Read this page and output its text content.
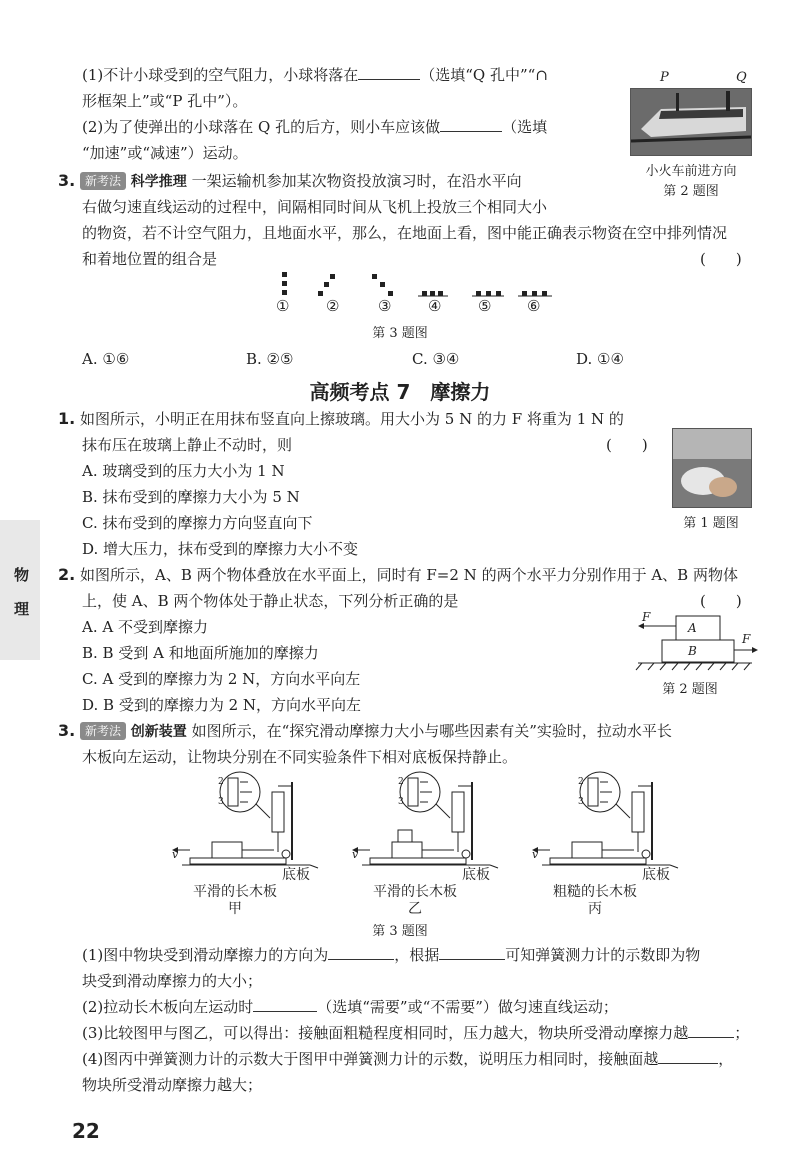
物
理
(1)不计小球受到的空气阻力，小球将落在	（选填“Q 孔中”“∩
形框架上”或“P 孔中”）。
(2)为了使弹出的小球落在 Q 孔的后方，则小车应该做	（选填
“加速”或“减速”）运动。
P	Q
小火车前进方向
第 2 题图
3. 新考法 科学推理 一架运输机参加某次物资投放演习时，在沿水平向
右做匀速直线运动的过程中，间隔相同时间从飞机上投放三个相同大小
的物资，若不计空气阻力，且地面水平，那么，在地面上看，图中能正确表示物资在空中排列情况
和着地位置的组合是	(　　)
① ②	③ ④ ⑤ ⑥
第 3 题图
A. ①⑥	B. ②⑤	C. ③④	D. ①④
高频考点 7　摩擦力
1. 如图所示，小明正在用抹布竖直向上擦玻璃。用大小为 5 N 的力 F 将重为 1 N 的
抹布压在玻璃上静止不动时，则	(　　)
A. 玻璃受到的压力大小为 1 N
B. 抹布受到的摩擦力大小为 5 N
C. 抹布受到的摩擦力方向竖直向下
D. 增大压力，抹布受到的摩擦力大小不变
第 1 题图
2. 如图所示，A、B 两个物体叠放在水平面上，同时有 F=2 N 的两个水平力分别作用于 A、B 两物体
上，使 A、B 两个物体处于静止状态，下列分析正确的是	(　　)
A. A 不受到摩擦力
B. B 受到 A 和地面所施加的摩擦力
C. A 受到的摩擦力为 2 N，方向水平向左
D. B 受到的摩擦力为 2 N，方向水平向左
F
F
A
B
第 2 题图
3. 新考法 创新装置 如图所示，在“探究滑动摩擦力大小与哪些因素有关”实验时，拉动水平长
木板向左运动，让物块分别在不同实验条件下相对底板保持静止。
2
3
2
3
2
3
v	v	v
底板	底板	底板
平滑的长木板	平滑的长木板	粗糙的长木板
甲	乙	丙
第 3 题图
(1)图中物块受到滑动摩擦力的方向为	，根据	可知弹簧测力计的示数即为物
块受到滑动摩擦力的大小；
(2)拉动长木板向左运动时	（选填“需要”或“不需要”）做匀速直线运动；
(3)比较图甲与图乙，可以得出：接触面粗糙程度相同时，压力越大，物块所受滑动摩擦力越	；
(4)图丙中弹簧测力计的示数大于图甲中弹簧测力计的示数，说明压力相同时，接触面越	，
物块所受滑动摩擦力越大；
22
